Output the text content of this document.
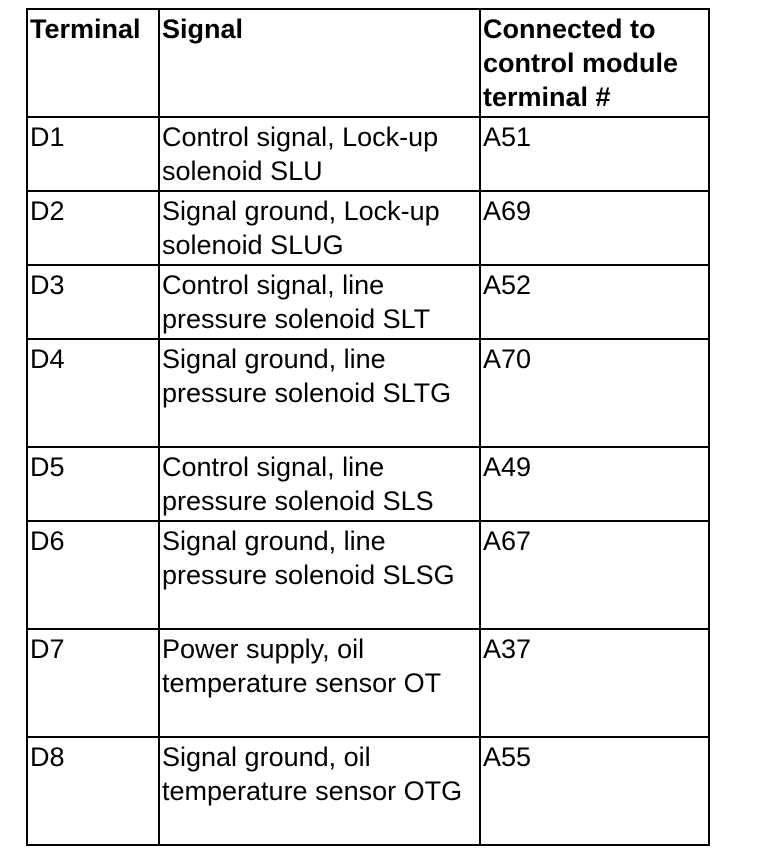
Terminal	Signal	Connected to control module terminal #
D1	Control signal, Lock-up solenoid SLU	A51
D2	Signal ground, Lock-up solenoid SLUG	A69
D3	Control signal, line pressure solenoid SLT	A52
D4	Signal ground, line pressure solenoid SLTG	A70
D5	Control signal, line pressure solenoid SLS	A49
D6	Signal ground, line pressure solenoid SLSG	A67
D7	Power supply, oil temperature sensor OT	A37
D8	Signal ground, oil temperature sensor OTG	A55
